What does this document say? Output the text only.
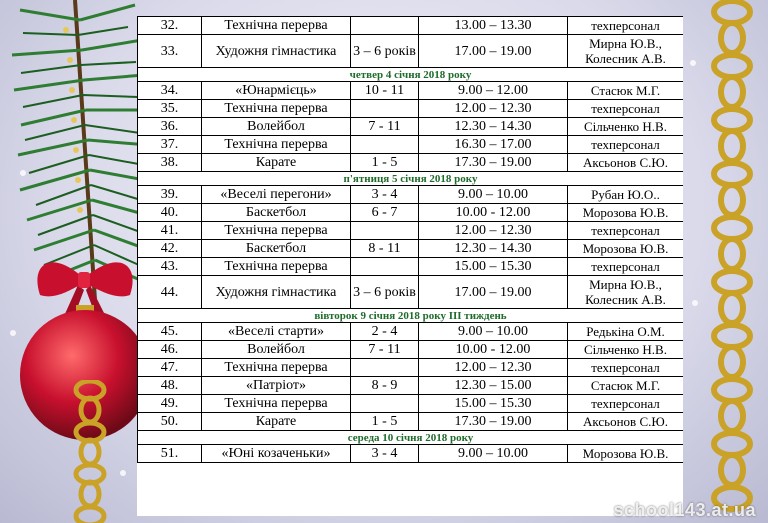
32.	Технічна перерва		13.00 – 13.30	техперсонал
33.	Художня гімнастика	3 – 6 років	17.00 – 19.00	Мирна Ю.В., Колесник А.В.
четвер 4 січня 2018 року				
34.	«Юнармієць»	10 - 11	9.00 – 12.00	Стасюк М.Г.
35.	Технічна перерва		12.00 – 12.30	техперсонал
36.	Волейбол	7 - 11	12.30 – 14.30	Сільченко Н.В.
37.	Технічна перерва		16.30 – 17.00	техперсонал
38.	Карате	1 - 5	17.30 – 19.00	Аксьонов С.Ю.
п'ятниця 5 січня 2018 року				
39.	«Веселі перегони»	3 - 4	9.00 – 10.00	Рубан Ю.О..
40.	Баскетбол	6 - 7	10.00 - 12.00	Морозова Ю.В.
41.	Технічна перерва		12.00 – 12.30	техперсонал
42.	Баскетбол	8 - 11	12.30 – 14.30	Морозова Ю.В.
43.	Технічна перерва		15.00 – 15.30	техперсонал
44.	Художня гімнастика	3 – 6 років	17.00 – 19.00	Мирна Ю.В., Колесник А.В.
вівторок 9 січня 2018 року ІІІ тиждень				
45.	«Веселі старти»	2 - 4	9.00 – 10.00	Редькіна О.М.
46.	Волейбол	7 - 11	10.00 - 12.00	Сільченко Н.В.
47.	Технічна перерва		12.00 – 12.30	техперсонал
48.	«Патріот»	8 - 9	12.30 – 15.00	Стасюк М.Г.
49.	Технічна перерва		15.00 – 15.30	техперсонал
50.	Карате	1 - 5	17.30 – 19.00	Аксьонов С.Ю.
середа 10 січня 2018 року				
51.	«Юні козаченьки»	3 - 4	9.00 – 10.00	Морозова Ю.В.
school143.at.ua
